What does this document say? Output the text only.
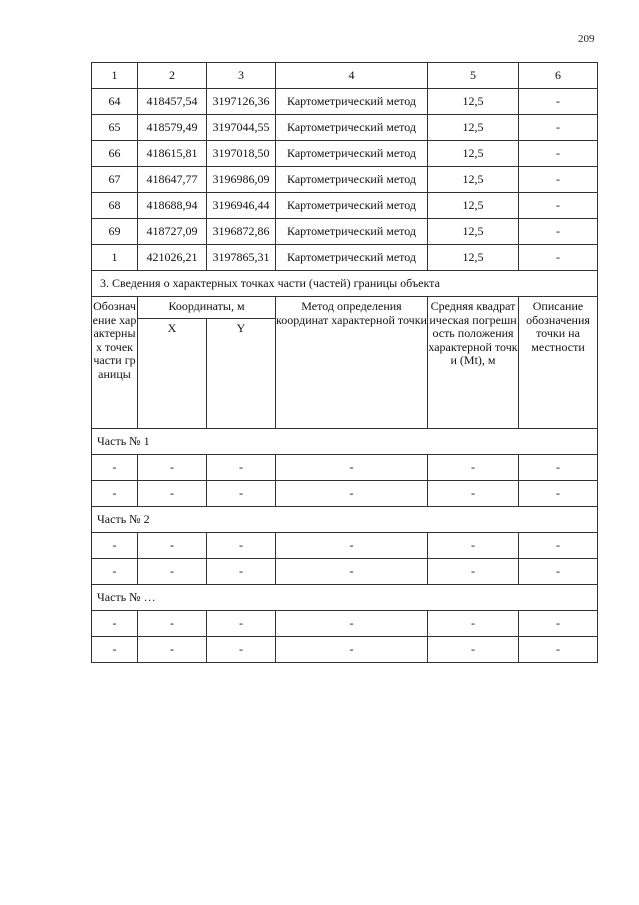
209
1	2	3	4	5	6
64	418457,54	3197126,36	Картометрический метод	12,5	-
65	418579,49	3197044,55	Картометрический метод	12,5	-
66	418615,81	3197018,50	Картометрический метод	12,5	-
67	418647,77	3196986,09	Картометрический метод	12,5	-
68	418688,94	3196946,44	Картометрический метод	12,5	-
69	418727,09	3196872,86	Картометрический метод	12,5	-
1	421026,21	3197865,31	Картометрический метод	12,5	-
3. Сведения о характерных точках части (частей) границы объекта					
Обозначение характерных точек части границы	Координаты, м		Метод определения координат характерной точки	Средняя квадратическая погрешность положения характерной точки (Mt), м	Описание обозначения точки на местности
	X	Y			
Часть № 1					
-	-	-	-	-	-
-	-	-	-	-	-
Часть № 2					
-	-	-	-	-	-
-	-	-	-	-	-
Часть № …					
-	-	-	-	-	-
-	-	-	-	-	-
